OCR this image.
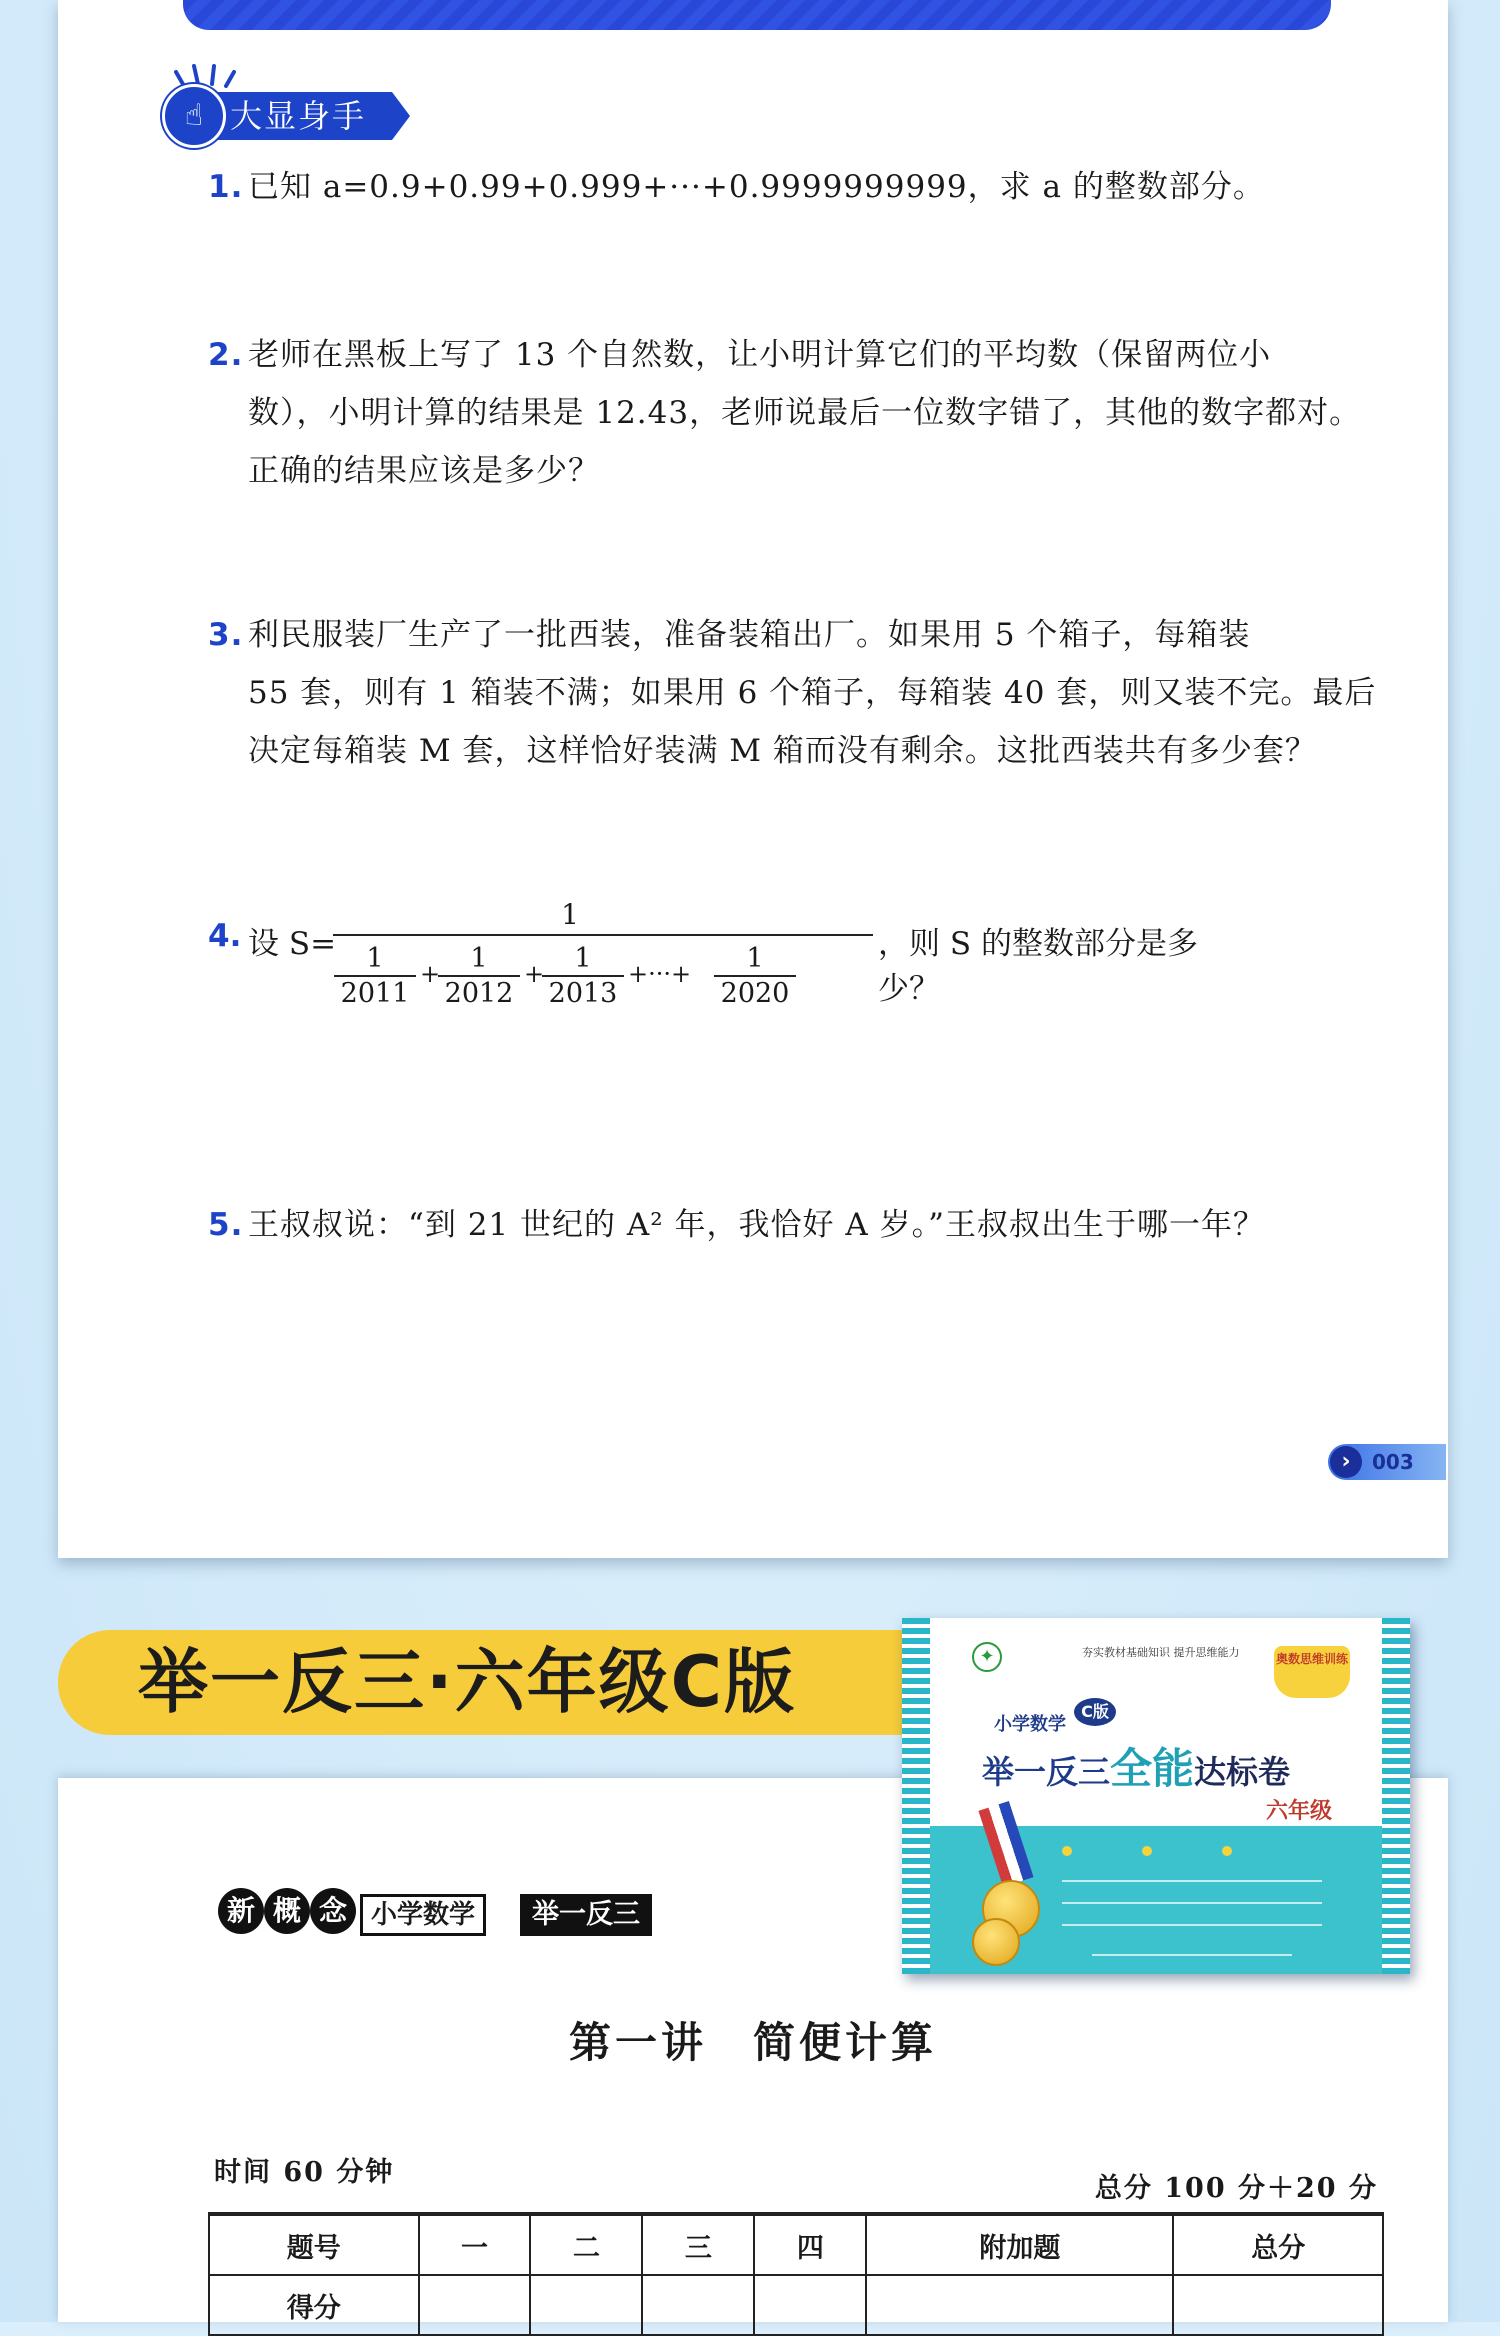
☝ 大显身手
1. 已知 a=0.9+0.99+0.999+···+0.9999999999，求 a 的整数部分。
2. 老师在黑板上写了 13 个自然数，让小明计算它们的平均数（保留两位小

数），小明计算的结果是 12.43，老师说最后一位数字错了，其他的数字都对。

正确的结果应该是多少？

3. 利民服装厂生产了一批西装，准备装箱出厂。如果用 5 个箱子，每箱装

55 套，则有 1 箱装不满；如果用 6 个箱子，每箱装 40 套，则又装不完。最后

决定每箱装 M 套，这样恰好装满 M 箱而没有剩余。这批西装共有多少套？

4. 设 S=
1
1
2011
+	1
2012
+	1
2013
+···+	1
2020
，则 S 的整数部分是多少？
5. 王叔叔说：“到 21 世纪的 A² 年，我恰好 A 岁。”王叔叔出生于哪一年？
›	003
举一反三·六年级C版
新 概 念 小学数学	举一反三
第一讲　简便计算
时间 60 分钟
总分 100 分＋20 分
题号	一	二	三	四	附加题	总分
得分						
✦	夯实教材基础知识 提升思维能力	奥数思维训练
小学数学
C版
举一反三全能达标卷
六年级
